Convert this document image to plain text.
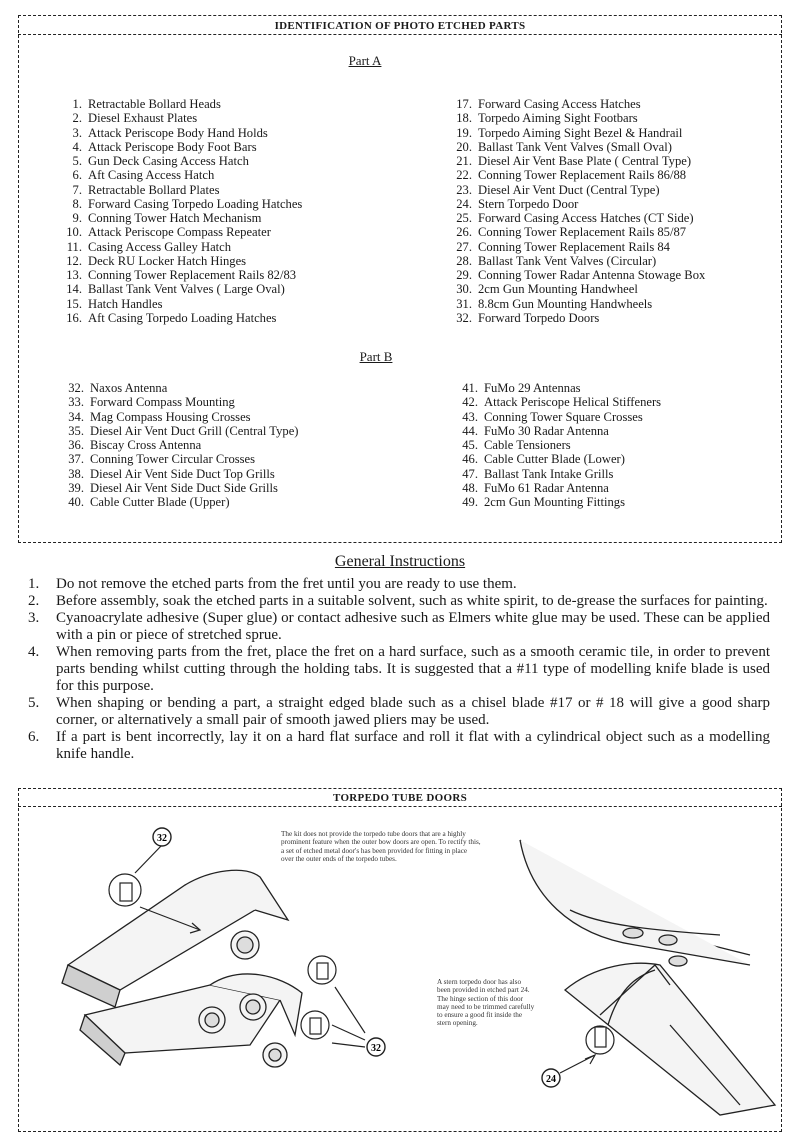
IDENTIFICATION OF PHOTO ETCHED PARTS
Part A
1. Retractable Bollard Heads
2. Diesel Exhaust Plates
3. Attack Periscope Body Hand Holds
4. Attack Periscope Body Foot Bars
5. Gun Deck Casing Access Hatch
6. Aft Casing Access Hatch
7. Retractable Bollard Plates
8. Forward Casing Torpedo Loading Hatches
9. Conning Tower Hatch Mechanism
10. Attack Periscope Compass Repeater
11. Casing Access Galley Hatch
12. Deck RU Locker Hatch Hinges
13. Conning Tower Replacement Rails 82/83
14. Ballast Tank Vent Valves ( Large Oval)
15. Hatch Handles
16. Aft Casing Torpedo Loading Hatches
17. Forward Casing Access Hatches
18. Torpedo Aiming Sight Footbars
19. Torpedo Aiming Sight Bezel & Handrail
20. Ballast Tank Vent Valves (Small Oval)
21. Diesel Air Vent Base Plate ( Central Type)
22. Conning Tower Replacement Rails 86/88
23. Diesel Air Vent Duct (Central Type)
24. Stern Torpedo Door
25. Forward Casing Access Hatches (CT Side)
26. Conning Tower Replacement Rails 85/87
27. Conning Tower Replacement Rails 84
28. Ballast Tank Vent Valves (Circular)
29. Conning Tower Radar Antenna Stowage Box
30. 2cm Gun Mounting Handwheel
31. 8.8cm Gun Mounting Handwheels
32. Forward Torpedo Doors
Part B
32. Naxos Antenna
33. Forward Compass Mounting
34. Mag Compass Housing Crosses
35. Diesel Air Vent Duct Grill (Central Type)
36. Biscay Cross Antenna
37. Conning Tower Circular Crosses
38. Diesel Air Vent Side Duct Top Grills
39. Diesel Air Vent Side Duct Side Grills
40. Cable Cutter Blade (Upper)
41. FuMo 29 Antennas
42. Attack Periscope Helical Stiffeners
43. Conning Tower Square Crosses
44. FuMo 30 Radar Antenna
45. Cable Tensioners
46. Cable Cutter Blade (Lower)
47. Ballast Tank Intake Grills
48. FuMo 61 Radar Antenna
49. 2cm Gun Mounting Fittings
General Instructions
1. Do not remove the etched parts from the fret until you are ready to use them.
2. Before assembly, soak the etched parts in a suitable solvent, such as white spirit, to de-grease the surfaces for painting.
3. Cyanoacrylate adhesive (Super glue) or contact adhesive such as Elmers white glue may be used. These can be applied with a pin or piece of stretched sprue.
4. When removing parts from the fret, place the fret on a hard surface, such as a smooth ceramic tile, in order to prevent parts bending whilst cutting through the holding tabs. It is suggested that a #11 type of modelling knife blade is used for this purpose.
5. When shaping or bending a part, a straight edged blade such as a chisel blade #17 or # 18 will give a good sharp corner, or alternatively a small pair of smooth jawed pliers may be used.
6. If a part is bent incorrectly, lay it on a hard flat surface and roll it flat with a cylindrical object such as a modelling knife handle.
TORPEDO TUBE DOORS
32
32
The kit does not provide the torpedo tube doors that are a highly prominent feature when the outer bow doors are open. To rectify this, a set of etched metal door's has been provided for fitting in place over the outer ends of the torpedo tubes.
24
A stern torpedo door has also been provided in etched part 24. The hinge section of this door may need to be trimmed carefully to ensure a good fit inside the stern opening.
